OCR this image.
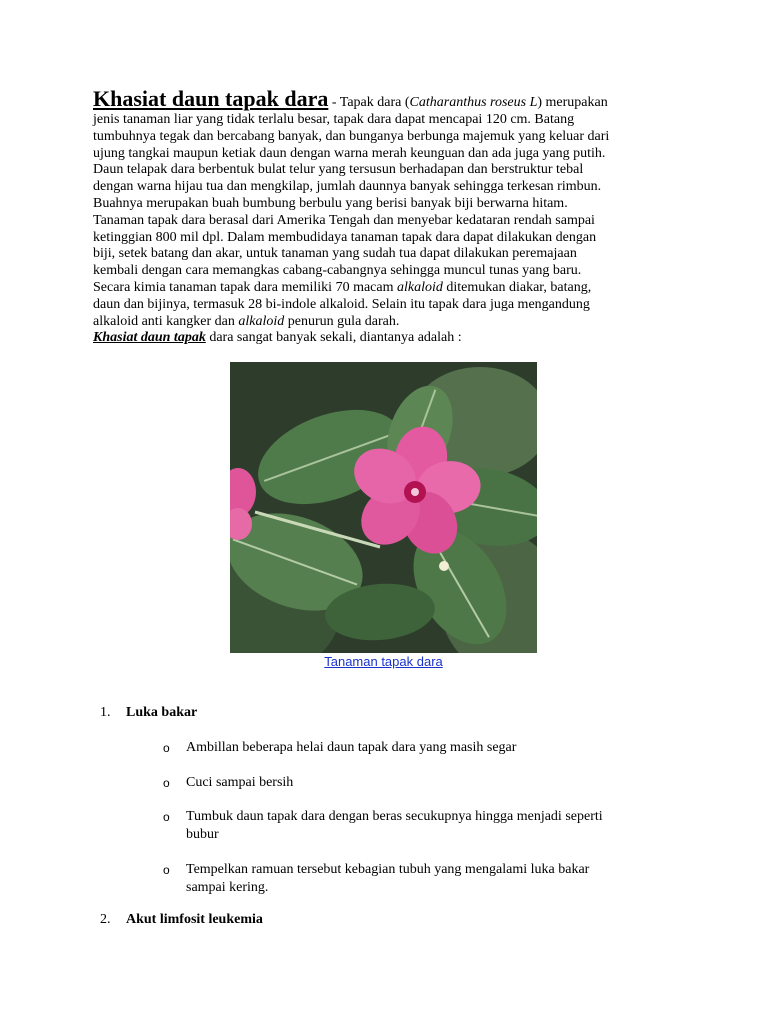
Khasiat daun tapak dara - Tapak dara (Catharanthus roseus L) merupakan
jenis tanaman liar yang tidak terlalu besar, tapak dara dapat mencapai 120 cm. Batang
tumbuhnya tegak dan bercabang banyak, dan bunganya berbunga majemuk yang keluar dari
ujung tangkai maupun ketiak daun dengan warna merah keunguan dan ada juga yang putih.
Daun telapak dara berbentuk bulat telur yang tersusun berhadapan dan berstruktur tebal
dengan warna hijau tua dan mengkilap, jumlah daunnya banyak sehingga terkesan rimbun.
Buahnya merupakan buah bumbung berbulu yang berisi banyak biji berwarna hitam.
Tanaman tapak dara berasal dari Amerika Tengah dan menyebar kedataran rendah sampai
ketinggian 800 mil dpl. Dalam membudidaya tanaman tapak dara dapat dilakukan dengan
biji, setek batang dan akar, untuk tanaman yang sudah tua dapat dilakukan peremajaan
kembali dengan cara memangkas cabang-cabangnya sehingga muncul tunas yang baru.
Secara kimia tanaman tapak dara memiliki 70 macam alkaloid ditemukan diakar, batang,
daun dan bijinya, termasuk 28 bi-indole alkaloid. Selain itu tapak dara juga mengandung
alkaloid anti kangker dan alkaloid penurun gula darah.
Khasiat daun tapak dara sangat banyak sekali, diantanya adalah :
Tanaman tapak dara
1. Luka bakar
o Ambillan beberapa helai daun tapak dara yang masih segar
o Cuci sampai bersih
o Tumbuk daun tapak dara dengan beras secukupnya hingga menjadi seperti
bubur
o Tempelkan ramuan tersebut kebagian tubuh yang mengalami luka bakar
sampai kering.
2. Akut limfosit leukemia
